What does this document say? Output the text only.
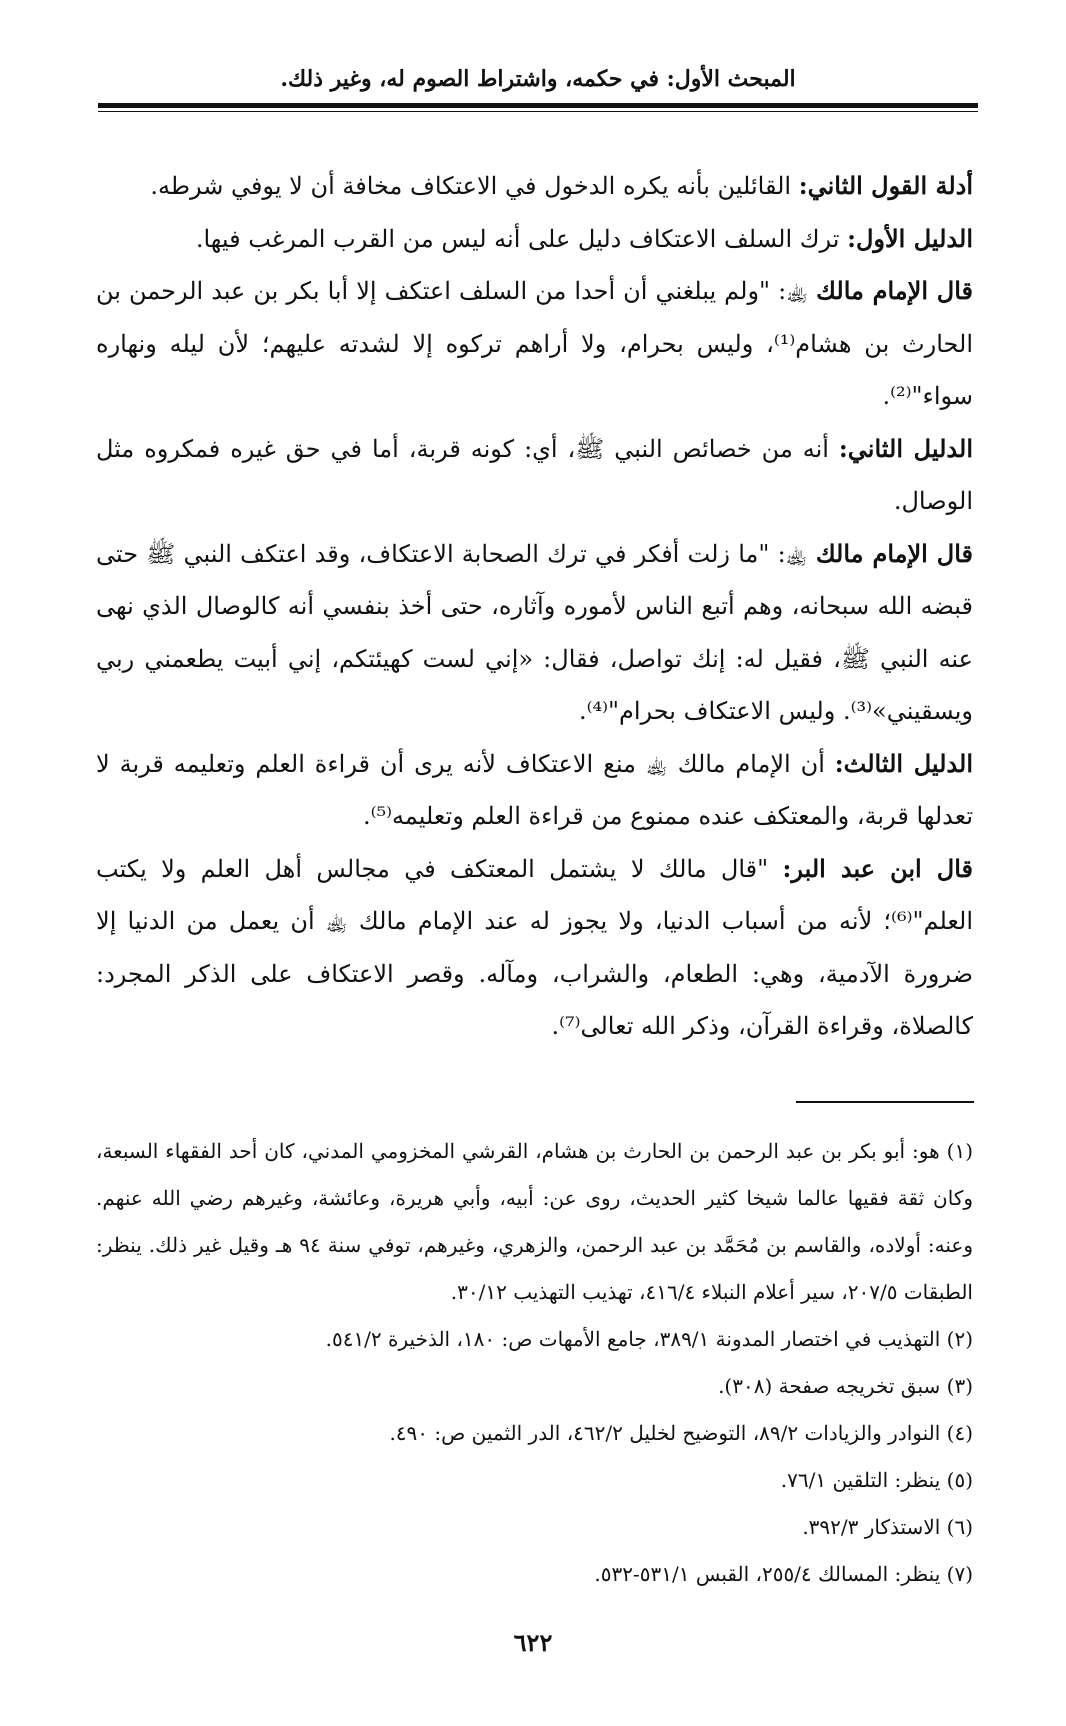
المبحث الأول: في حكمه، واشتراط الصوم له، وغير ذلك.

أدلة القول الثاني: القائلين بأنه يكره الدخول في الاعتكاف مخافة أن لا يوفي شرطه.

الدليل الأول: ترك السلف الاعتكاف دليل على أنه ليس من القرب المرغب فيها.

قال الإمام مالك ﵀: "ولم يبلغني أن أحدا من السلف اعتكف إلا أبا بكر بن عبد الرحمن بن الحارث بن هشام⁽¹⁾، وليس بحرام، ولا أراهم تركوه إلا لشدته عليهم؛ لأن ليله ونهاره سواء"⁽²⁾.

الدليل الثاني: أنه من خصائص النبي ﷺ، أي: كونه قربة، أما في حق غيره فمكروه مثل الوصال.

قال الإمام مالك ﵀: "ما زلت أفكر في ترك الصحابة الاعتكاف، وقد اعتكف النبي ﷺ حتى قبضه الله سبحانه، وهم أتبع الناس لأموره وآثاره، حتى أخذ بنفسي أنه كالوصال الذي نهى عنه النبي ﷺ، فقيل له: إنك تواصل، فقال: «إني لست كهيئتكم، إني أبيت يطعمني ربي ويسقيني»⁽³⁾. وليس الاعتكاف بحرام"⁽⁴⁾.

الدليل الثالث: أن الإمام مالك ﵀ منع الاعتكاف لأنه يرى أن قراءة العلم وتعليمه قربة لا تعدلها قربة، والمعتكف عنده ممنوع من قراءة العلم وتعليمه⁽⁵⁾.

قال ابن عبد البر: "قال مالك لا يشتمل المعتكف في مجالس أهل العلم ولا يكتب العلم"⁽⁶⁾؛ لأنه من أسباب الدنيا، ولا يجوز له عند الإمام مالك ﵀ أن يعمل من الدنيا إلا ضرورة الآدمية، وهي: الطعام، والشراب، ومآله. وقصر الاعتكاف على الذكر المجرد: كالصلاة، وقراءة القرآن، وذكر الله تعالى⁽⁷⁾.

(١) هو: أبو بكر بن عبد الرحمن بن الحارث بن هشام، القرشي المخزومي المدني، كان أحد الفقهاء السبعة، وكان ثقة فقيها عالما شيخا كثير الحديث، روى عن: أبيه، وأبي هريرة، وعائشة، وغيرهم رضي الله عنهم. وعنه: أولاده، والقاسم بن مُحَمَّد بن عبد الرحمن، والزهري، وغيرهم، توفي سنة ٩٤ هـ وقيل غير ذلك. ينظر: الطبقات ٢٠٧/٥، سير أعلام النبلاء ٤١٦/٤، تهذيب التهذيب ٣٠/١٢.

(٢) التهذيب في اختصار المدونة ٣٨٩/١، جامع الأمهات ص: ١٨٠، الذخيرة ٥٤١/٢.

(٣) سبق تخريجه صفحة (٣٠٨).

(٤) النوادر والزيادات ٨٩/٢، التوضيح لخليل ٤٦٢/٢، الدر الثمين ص: ٤٩٠.

(٥) ينظر: التلقين ٧٦/١.

(٦) الاستذكار ٣٩٢/٣.

(٧) ينظر: المسالك ٢٥٥/٤، القبس ٥٣١/١-٥٣٢.

٦٢٢
